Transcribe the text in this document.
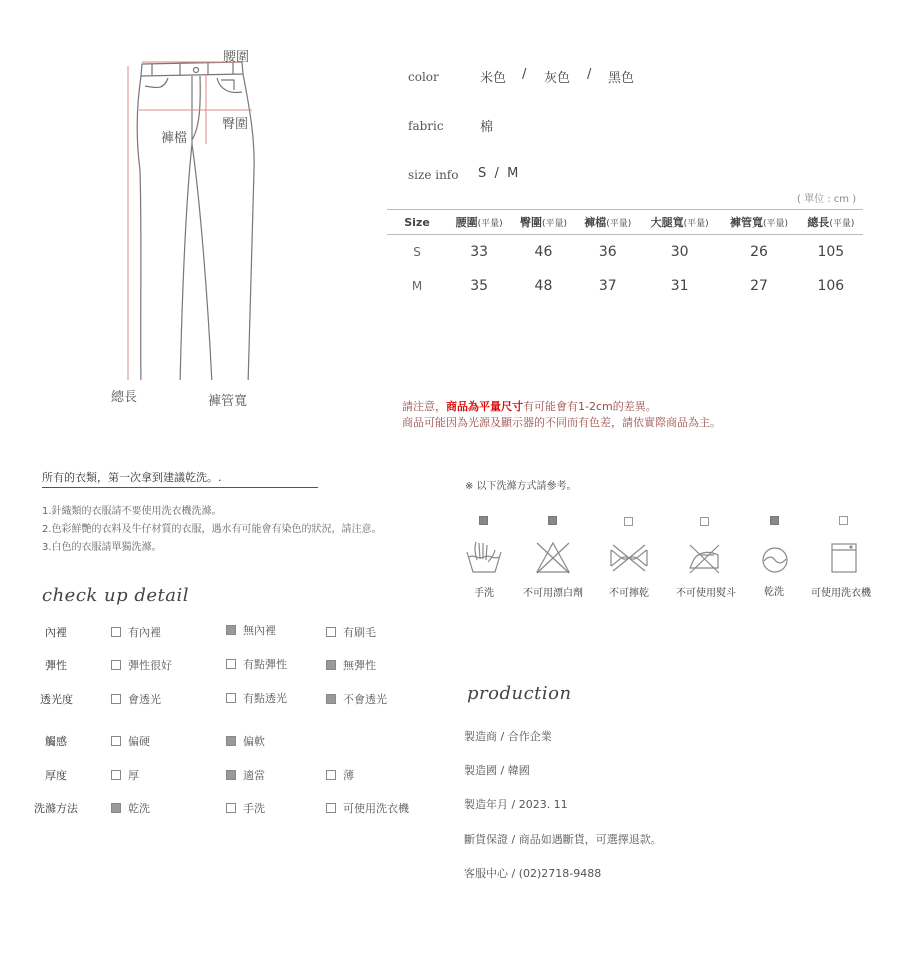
腰圍
臀圍
褲檔
總長	褲管寬
color	米色 / 灰色 / 黑色
fabric	棉
size info S  /  M
( 單位 : cm )
Size	腰圍(平量)	臀圍(平量)	褲檔(平量)	大腿寬(平量)	褲管寬(平量)	總長(平量)
S	33	46	36	30	26	105
M	35	48	37	31	27	106
請注意，商品為平量尺寸有可能會有1-2cm的差異。
商品可能因為光源及顯示器的不同而有色差，請依實際商品為主。
所有的衣類，第一次拿到建議乾洗。.
1.針織類的衣服請不要使用洗衣機洗滌。
2.色彩鮮艷的衣料及牛仔材質的衣服，遇水有可能會有染色的狀況，請注意。
3.白色的衣服請單獨洗滌。
check up detail
內裡	有內裡	無內裡	有刷毛
彈性	彈性很好	有點彈性	無彈性
透光度	會透光	有點透光	不會透光
觸感	偏硬	偏軟
厚度	厚	適當	薄
洗滌方法	乾洗	手洗	可使用洗衣機
※ 以下洗滌方式請參考。
手洗	不可用漂白劑	不可擰乾	不可使用熨斗	乾洗	可使用洗衣機
production
製造商 / 合作企業
製造國 / 韓國
製造年月 / 2023. 11
斷貨保證 / 商品如遇斷貨，可選擇退款。
客服中心 / (02)2718-9488
